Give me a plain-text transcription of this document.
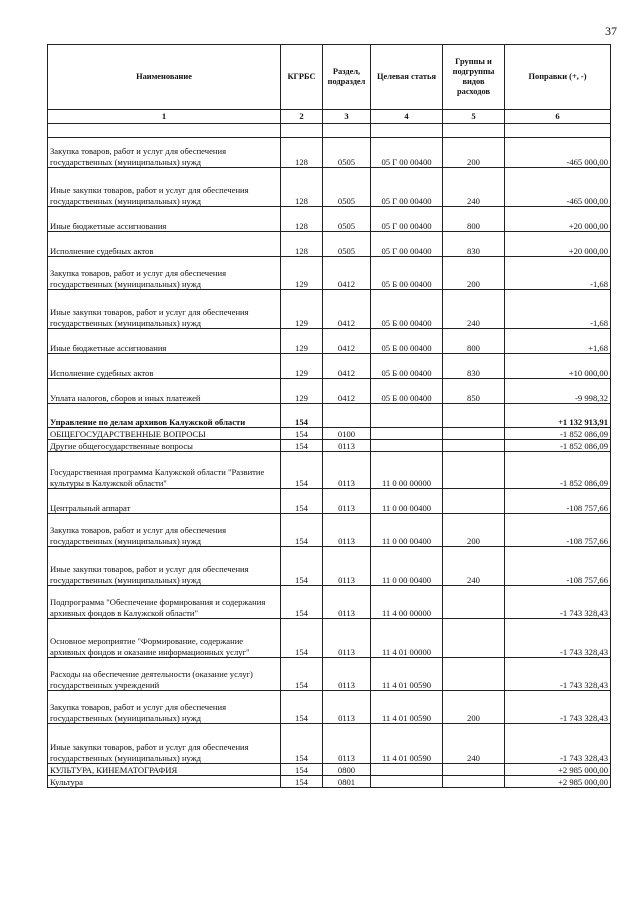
37
Наименование	КГРБС	Раздел, подраздел	Целевая статья	Группы и подгруппы видов расходов	Поправки (+, -)
1	2	3	4	5	6

Закупка товаров, работ и услуг для обеспечения государственных (муниципальных) нужд	128	0505	05 Г 00 00400	200	-465 000,00
Иные закупки товаров, работ и услуг для обеспечения государственных (муниципальных) нужд	128	0505	05 Г 00 00400	240	-465 000,00
Иные бюджетные ассигнования	128	0505	05 Г 00 00400	800	+20 000,00
Исполнение судебных актов	128	0505	05 Г 00 00400	830	+20 000,00
Закупка товаров, работ и услуг для обеспечения государственных (муниципальных) нужд	129	0412	05 Б 00 00400	200	-1,68
Иные закупки товаров, работ и услуг для обеспечения государственных (муниципальных) нужд	129	0412	05 Б 00 00400	240	-1,68
Иные бюджетные ассигнования	129	0412	05 Б 00 00400	800	+1,68
Исполнение судебных актов	129	0412	05 Б 00 00400	830	+10 000,00
Уплата налогов, сборов и иных платежей	129	0412	05 Б 00 00400	850	-9 998,32
Управление по делам архивов Калужской области	154				+1 132 913,91
ОБЩЕГОСУДАРСТВЕННЫЕ ВОПРОСЫ	154	0100			-1 852 086,09
Другие общегосударственные вопросы	154	0113			-1 852 086,09
Государственная программа Калужской области "Развитие культуры в Калужской области"	154	0113	11 0 00 00000		-1 852 086,09
Центральный аппарат	154	0113	11 0 00 00400		-108 757,66
Закупка товаров, работ и услуг для обеспечения государственных (муниципальных) нужд	154	0113	11 0 00 00400	200	-108 757,66
Иные закупки товаров, работ и услуг для обеспечения государственных (муниципальных) нужд	154	0113	11 0 00 00400	240	-108 757,66
Подпрограмма "Обеспечение формирования и содержания архивных фондов в Калужской области"	154	0113	11 4 00 00000		-1 743 328,43
Основное мероприятие "Формирование, содержание архивных фондов и оказание информационных услуг"	154	0113	11 4 01 00000		-1 743 328,43
Расходы на обеспечение деятельности (оказание услуг) государственных учреждений	154	0113	11 4 01 00590		-1 743 328,43
Закупка товаров, работ и услуг для обеспечения государственных (муниципальных) нужд	154	0113	11 4 01 00590	200	-1 743 328,43
Иные закупки товаров, работ и услуг для обеспечения государственных (муниципальных) нужд	154	0113	11 4 01 00590	240	-1 743 328,43
КУЛЬТУРА, КИНЕМАТОГРАФИЯ	154	0800			+2 985 000,00
Культура	154	0801			+2 985 000,00
